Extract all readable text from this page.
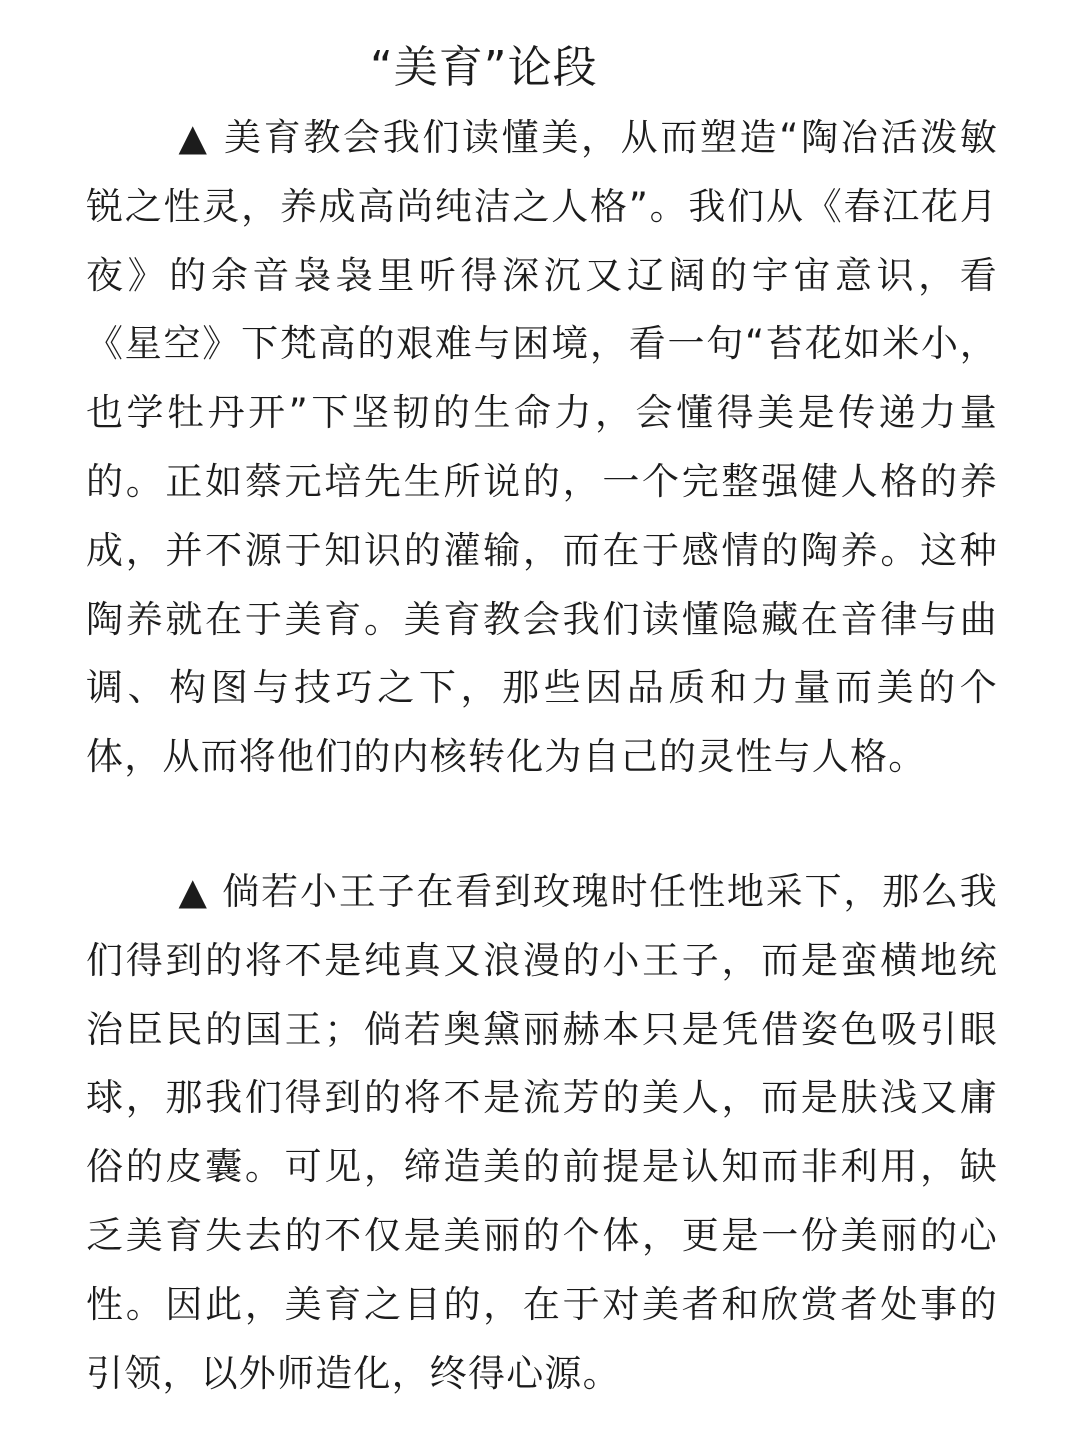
“美育”论段

▲ 美育教会我们读懂美，从而塑造“陶冶活泼敏锐之性灵，养成高尚纯洁之人格”。我们从《春江花月夜》的余音袅袅里听得深沉又辽阔的宇宙意识，看《星空》下梵高的艰难与困境，看一句“苔花如米小，也学牡丹开”下坚韧的生命力，会懂得美是传递力量的。正如蔡元培先生所说的，一个完整强健人格的养成，并不源于知识的灌输，而在于感情的陶养。这种陶养就在于美育。美育教会我们读懂隐藏在音律与曲调、构图与技巧之下，那些因品质和力量而美的个体，从而将他们的内核转化为自己的灵性与人格。

▲ 倘若小王子在看到玫瑰时任性地采下，那么我们得到的将不是纯真又浪漫的小王子，而是蛮横地统治臣民的国王；倘若奥黛丽赫本只是凭借姿色吸引眼球，那我们得到的将不是流芳的美人，而是肤浅又庸俗的皮囊。可见，缔造美的前提是认知而非利用，缺乏美育失去的不仅是美丽的个体，更是一份美丽的心性。因此，美育之目的，在于对美者和欣赏者处事的引领，以外师造化，终得心源。
